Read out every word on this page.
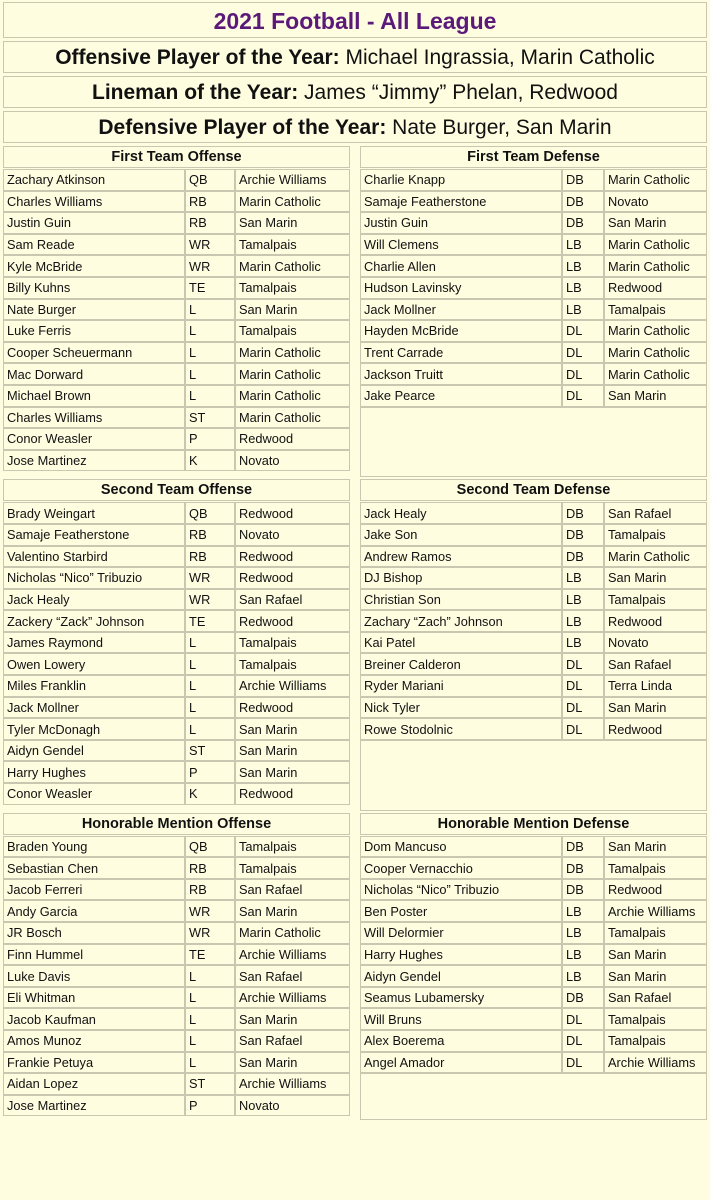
2021 Football - All League
Offensive Player of the Year: Michael Ingrassia, Marin Catholic
Lineman of the Year: James “Jimmy” Phelan, Redwood
Defensive Player of the Year: Nate Burger, San Marin
First Team Offense
Zachary Atkinson	QB	Archie Williams
Charles Williams	RB	Marin Catholic
Justin Guin	RB	San Marin
Sam Reade	WR	Tamalpais
Kyle McBride	WR	Marin Catholic
Billy Kuhns	TE	Tamalpais
Nate Burger	L	San Marin
Luke Ferris	L	Tamalpais
Cooper Scheuermann	L	Marin Catholic
Mac Dorward	L	Marin Catholic
Michael Brown	L	Marin Catholic
Charles Williams	ST	Marin Catholic
Conor Weasler	P	Redwood
Jose Martinez	K	Novato
First Team Defense
Charlie Knapp	DB	Marin Catholic
Samaje Featherstone	DB	Novato
Justin Guin	DB	San Marin
Will Clemens	LB	Marin Catholic
Charlie Allen	LB	Marin Catholic
Hudson Lavinsky	LB	Redwood
Jack Mollner	LB	Tamalpais
Hayden McBride	DL	Marin Catholic
Trent Carrade	DL	Marin Catholic
Jackson Truitt	DL	Marin Catholic
Jake Pearce	DL	San Marin
Second Team Offense
Brady Weingart	QB	Redwood
Samaje Featherstone	RB	Novato
Valentino Starbird	RB	Redwood
Nicholas “Nico” Tribuzio	WR	Redwood
Jack Healy	WR	San Rafael
Zackery “Zack” Johnson	TE	Redwood
James Raymond	L	Tamalpais
Owen Lowery	L	Tamalpais
Miles Franklin	L	Archie Williams
Jack Mollner	L	Redwood
Tyler McDonagh	L	San Marin
Aidyn Gendel	ST	San Marin
Harry Hughes	P	San Marin
Conor Weasler	K	Redwood
Second Team Defense
Jack Healy	DB	San Rafael
Jake Son	DB	Tamalpais
Andrew Ramos	DB	Marin Catholic
DJ Bishop	LB	San Marin
Christian Son	LB	Tamalpais
Zachary “Zach” Johnson	LB	Redwood
Kai Patel	LB	Novato
Breiner Calderon	DL	San Rafael
Ryder Mariani	DL	Terra Linda
Nick Tyler	DL	San Marin
Rowe Stodolnic	DL	Redwood
Honorable Mention Offense
Braden Young	QB	Tamalpais
Sebastian Chen	RB	Tamalpais
Jacob Ferreri	RB	San Rafael
Andy Garcia	WR	San Marin
JR Bosch	WR	Marin Catholic
Finn Hummel	TE	Archie Williams
Luke Davis	L	San Rafael
Eli Whitman	L	Archie Williams
Jacob Kaufman	L	San Marin
Amos Munoz	L	San Rafael
Frankie Petuya	L	San Marin
Aidan Lopez	ST	Archie Williams
Jose Martinez	P	Novato
Honorable Mention Defense
Dom Mancuso	DB	San Marin
Cooper Vernacchio	DB	Tamalpais
Nicholas “Nico” Tribuzio	DB	Redwood
Ben Poster	LB	Archie Williams
Will Delormier	LB	Tamalpais
Harry Hughes	LB	San Marin
Aidyn Gendel	LB	San Marin
Seamus Lubamersky	DB	San Rafael
Will Bruns	DL	Tamalpais
Alex Boerema	DL	Tamalpais
Angel Amador	DL	Archie Williams
